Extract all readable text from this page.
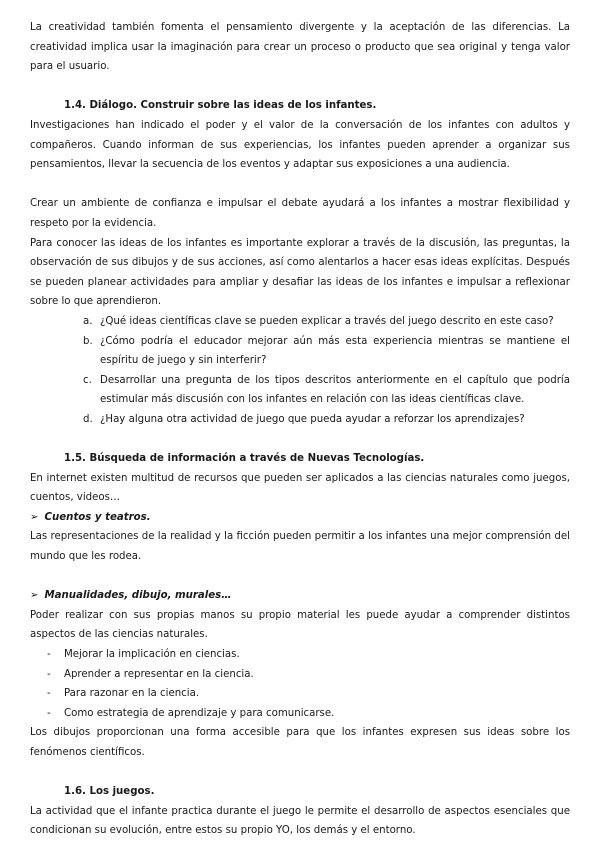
La creatividad también fomenta el pensamiento divergente y la aceptación de las diferencias. La creatividad implica usar la imaginación para crear un proceso o producto que sea original y tenga valor para el usuario.

1.4. Diálogo. Construir sobre las ideas de los infantes.

Investigaciones han indicado el poder y el valor de la conversación de los infantes con adultos y compañeros. Cuando informan de sus experiencias, los infantes pueden aprender a organizar sus pensamientos, llevar la secuencia de los eventos y adaptar sus exposiciones a una audiencia.

Crear un ambiente de confianza e impulsar el debate ayudará a los infantes a mostrar flexibilidad y respeto por la evidencia.

Para conocer las ideas de los infantes es importante explorar a través de la discusión, las preguntas, la observación de sus dibujos y de sus acciones, así como alentarlos a hacer esas ideas explícitas. Después se pueden planear actividades para ampliar y desafiar las ideas de los infantes e impulsar a reflexionar sobre lo que aprendieron.

a. ¿Qué ideas científicas clave se pueden explicar a través del juego descrito en este caso?
b. ¿Cómo podría el educador mejorar aún más esta experiencia mientras se mantiene el espíritu de juego y sin interferir?
c. Desarrollar una pregunta de los tipos descritos anteriormente en el capítulo que podría estimular más discusión con los infantes en relación con las ideas científicas clave.
d. ¿Hay alguna otra actividad de juego que pueda ayudar a reforzar los aprendizajes?
1.5. Búsqueda de información a través de Nuevas Tecnologías.

En internet existen multitud de recursos que pueden ser aplicados a las ciencias naturales como juegos, cuentos, videos…

➢ Cuentos y teatros.

Las representaciones de la realidad y la ficción pueden permitir a los infantes una mejor comprensión del mundo que les rodea.

➢ Manualidades, dibujo, murales…

Poder realizar con sus propias manos su propio material les puede ayudar a comprender distintos aspectos de las ciencias naturales.

- Mejorar la implicación en ciencias.
- Aprender a representar en la ciencia.
- Para razonar en la ciencia.
- Como estrategia de aprendizaje y para comunicarse.

Los dibujos proporcionan una forma accesible para que los infantes expresen sus ideas sobre los fenómenos científicos.

1.6. Los juegos.

La actividad que el infante practica durante el juego le permite el desarrollo de aspectos esenciales que condicionan su evolución, entre estos su propio YO, los demás y el entorno.
